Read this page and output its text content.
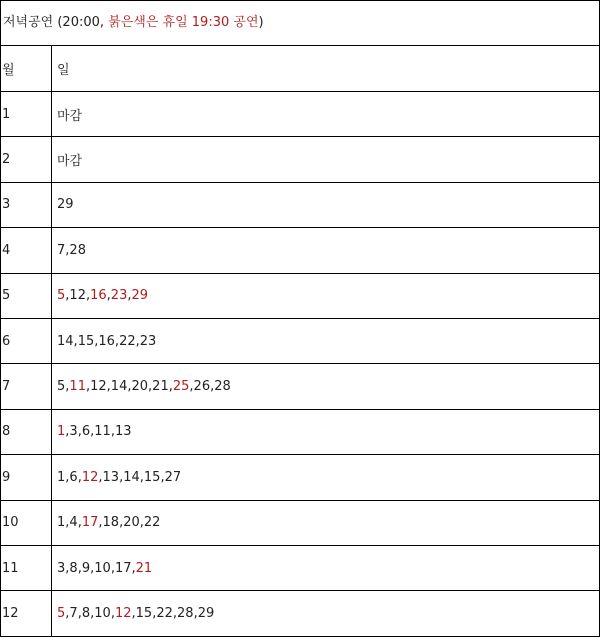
저녁공연 (20:00, 붉은색은 휴일 19:30 공연)
월	일
1	마감
2	마감
3	29
4	7 , 28
5	5 , 12 , 16 , 23 , 29
6	14 , 15 , 16 , 22 , 23
7	5 , 11 , 12 , 14 , 20 , 21 , 25 , 26 , 28
8	1 , 3 , 6 , 11 , 13
9	1 , 6 , 12 , 13 , 14 , 15 , 27
10	1 , 4 , 17 , 18 , 20 , 22
11	3 , 8 , 9 , 10 , 17 , 21
12	5 , 7 , 8 , 10 , 12 , 15 , 22 , 28 , 29
